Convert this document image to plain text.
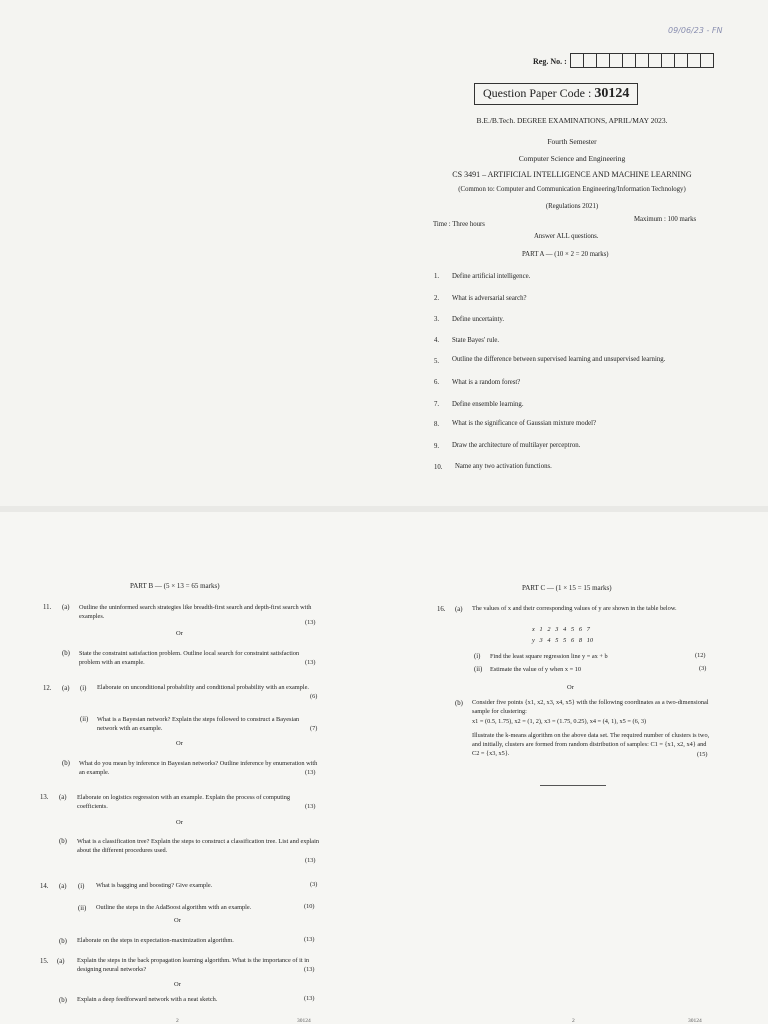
09/06/23 - FN
Reg. No. :
Question Paper Code : 30124
B.E./B.Tech. DEGREE EXAMINATIONS, APRIL/MAY 2023.
Fourth Semester
Computer Science and Engineering
CS 3491 – ARTIFICIAL INTELLIGENCE AND MACHINE LEARNING
(Common to: Computer and Communication Engineering/Information Technology)
(Regulations 2021)
Time : Three hours
Maximum : 100 marks
Answer ALL questions.
PART A — (10 × 2 = 20 marks)
1. Define artificial intelligence.
2. What is adversarial search?
3. Define uncertainty.
4. State Bayes' rule.
5. Outline the difference between supervised learning and unsupervised learning.
6. What is a random forest?
7. Define ensemble learning.
8. What is the significance of Gaussian mixture model?
9. Draw the architecture of multilayer perceptron.
10. Name any two activation functions.
PART B — (5 × 13 = 65 marks)
11. (a) Outline the uninformed search strategies like breadth-first search and depth-first search with examples.
(13)
Or
(b) State the constraint satisfaction problem. Outline local search for constraint satisfaction problem with an example.	(13)
12. (a) (i) Elaborate on unconditional probability and conditional probability with an example.
(6)
(ii) What is a Bayesian network? Explain the steps followed to construct a Bayesian network with an example.	(7)
Or
(b) What do you mean by inference in Bayesian networks? Outline inference by enumeration with an example.	(13)
13. (a) Elaborate on logistics regression with an example. Explain the process of computing coefficients.	(13)
Or
(b) What is a classification tree? Explain the steps to construct a classification tree. List and explain about the different procedures used.
(13)
14. (a) (i) What is bagging and boosting? Give example.	(3)
(ii) Outline the steps in the AdaBoost algorithm with an example.	(10)
Or
(b) Elaborate on the steps in expectation-maximization algorithm.	(13)
15. (a) Explain the steps in the back propagation learning algorithm. What is the importance of it in designing neural networks?	(13)
Or
(b) Explain a deep feedforward network with a neat sketch.	(13)
2	30124
PART C — (1 × 15 = 15 marks)
16. (a) The values of x and their corresponding values of y are shown in the table below.
x   1   2   3   4   5   6   7
y   3   4   5   5   6   8   10
(i) Find the least square regression line y = ax + b	(12)
(ii) Estimate the value of y when x = 10	(3)
Or
(b) Consider five points {x1, x2, x3, x4, x5} with the following coordinates as a two-dimensional sample for clustering:
x1 = (0.5, 1.75), x2 = (1, 2), x3 = (1.75, 0.25), x4 = (4, 1), x5 = (6, 3)
Illustrate the k-means algorithm on the above data set. The required number of clusters is two, and initially, clusters are formed from random distribution of samples: C1 = {x1, x2, x4} and C2 = {x3, x5}.	(15)
2	30124
